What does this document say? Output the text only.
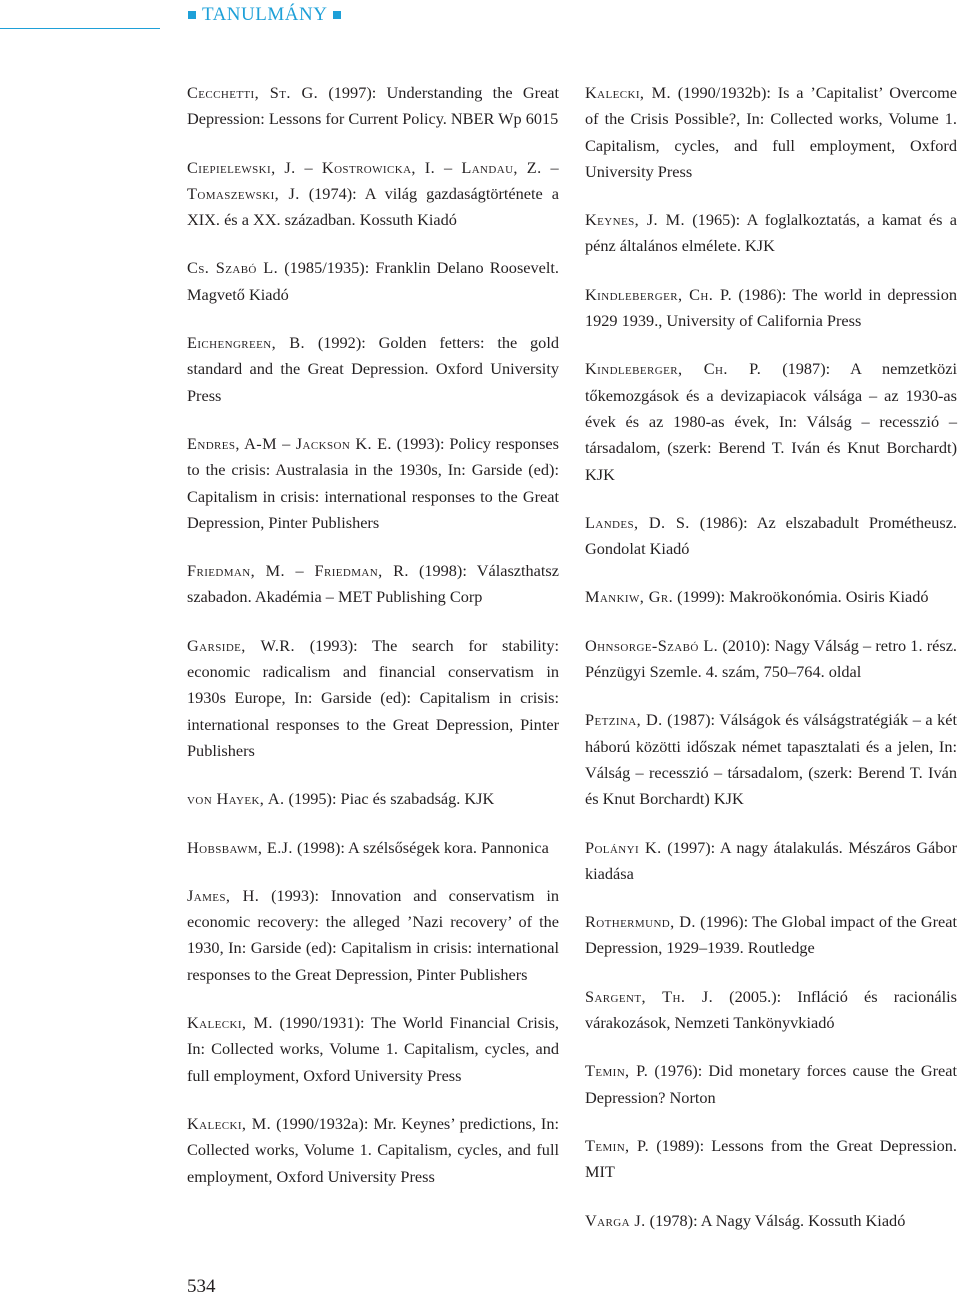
TANULMÁNY

Cecchetti, St. G. (1997): Understanding the Great Depression: Lessons for Current Policy. NBER Wp 6015

Ciepielewski, J. – Kostrowicka, I. – Landau, Z. – Tomaszewski, J. (1974): A világ gazdaságtörténete a XIX. és a XX. században. Kossuth Kiadó

Cs. Szabó L. (1985/1935): Franklin Delano Roosevelt. Magvető Kiadó

Eichengreen, B. (1992): Golden fetters: the gold standard and the Great Depression. Oxford University Press

Endres, A-M – Jackson K. E. (1993): Policy responses to the crisis: Australasia in the 1930s, In: Garside (ed): Capitalism in crisis: international responses to the Great Depression, Pinter Publishers

Friedman, M. – Friedman, R. (1998): Választhatsz szabadon. Akadémia – MET Publishing Corp

Garside, W.R. (1993): The search for stability: economic radicalism and financial conservatism in 1930s Europe, In: Garside (ed): Capitalism in crisis: international responses to the Great Depression, Pinter Publishers

von Hayek, A. (1995): Piac és szabadság. KJK

Hobsbawm, E.J. (1998): A szélsőségek kora. Pannonica

James, H. (1993): Innovation and conservatism in economic recovery: the alleged ’Nazi recovery’ of the 1930, In: Garside (ed): Capitalism in crisis: international responses to the Great Depression, Pinter Publishers

Kalecki, M. (1990/1931): The World Financial Crisis, In: Collected works, Volume 1. Capitalism, cycles, and full employment, Oxford University Press

Kalecki, M. (1990/1932a): Mr. Keynes’ predictions, In: Collected works, Volume 1. Capitalism, cycles, and full employment, Oxford University Press

Kalecki, M. (1990/1932b): Is a ’Capitalist’ Overcome of the Crisis Possible?, In: Collected works, Volume 1. Capitalism, cycles, and full employment, Oxford University Press

Keynes, J. M. (1965): A foglalkoztatás, a kamat és a pénz általános elmélete. KJK

Kindleberger, Ch. P. (1986): The world in depression 1929 1939., University of California Press

Kindleberger, Ch. P. (1987): A nemzetközi tőkemozgások és a devizapiacok válsága – az 1930-as évek és az 1980-as évek, In: Válság – recesszió – társadalom, (szerk: Berend T. Iván és Knut Borchardt) KJK

Landes, D. S. (1986): Az elszabadult Prométheusz. Gondolat Kiadó

Mankiw, Gr. (1999): Makroökonómia. Osiris Kiadó

Ohnsorge-Szabó L. (2010): Nagy Válság – retro 1. rész. Pénzügyi Szemle. 4. szám, 750–764. oldal

Petzina, D. (1987): Válságok és válságstratégiák – a két háború közötti időszak német tapasztalati és a jelen, In: Válság – recesszió – társadalom, (szerk: Berend T. Iván és Knut Borchardt) KJK

Polányi K. (1997): A nagy átalakulás. Mészáros Gábor kiadása

Rothermund, D. (1996): The Global impact of the Great Depression, 1929–1939. Routledge

Sargent, Th. J. (2005.): Infláció és racionális várakozások, Nemzeti Tankönyvkiadó

Temin, P. (1976): Did monetary forces cause the Great Depression? Norton

Temin, P. (1989): Lessons from the Great Depression. MIT

Varga J. (1978): A Nagy Válság. Kossuth Kiadó

534
